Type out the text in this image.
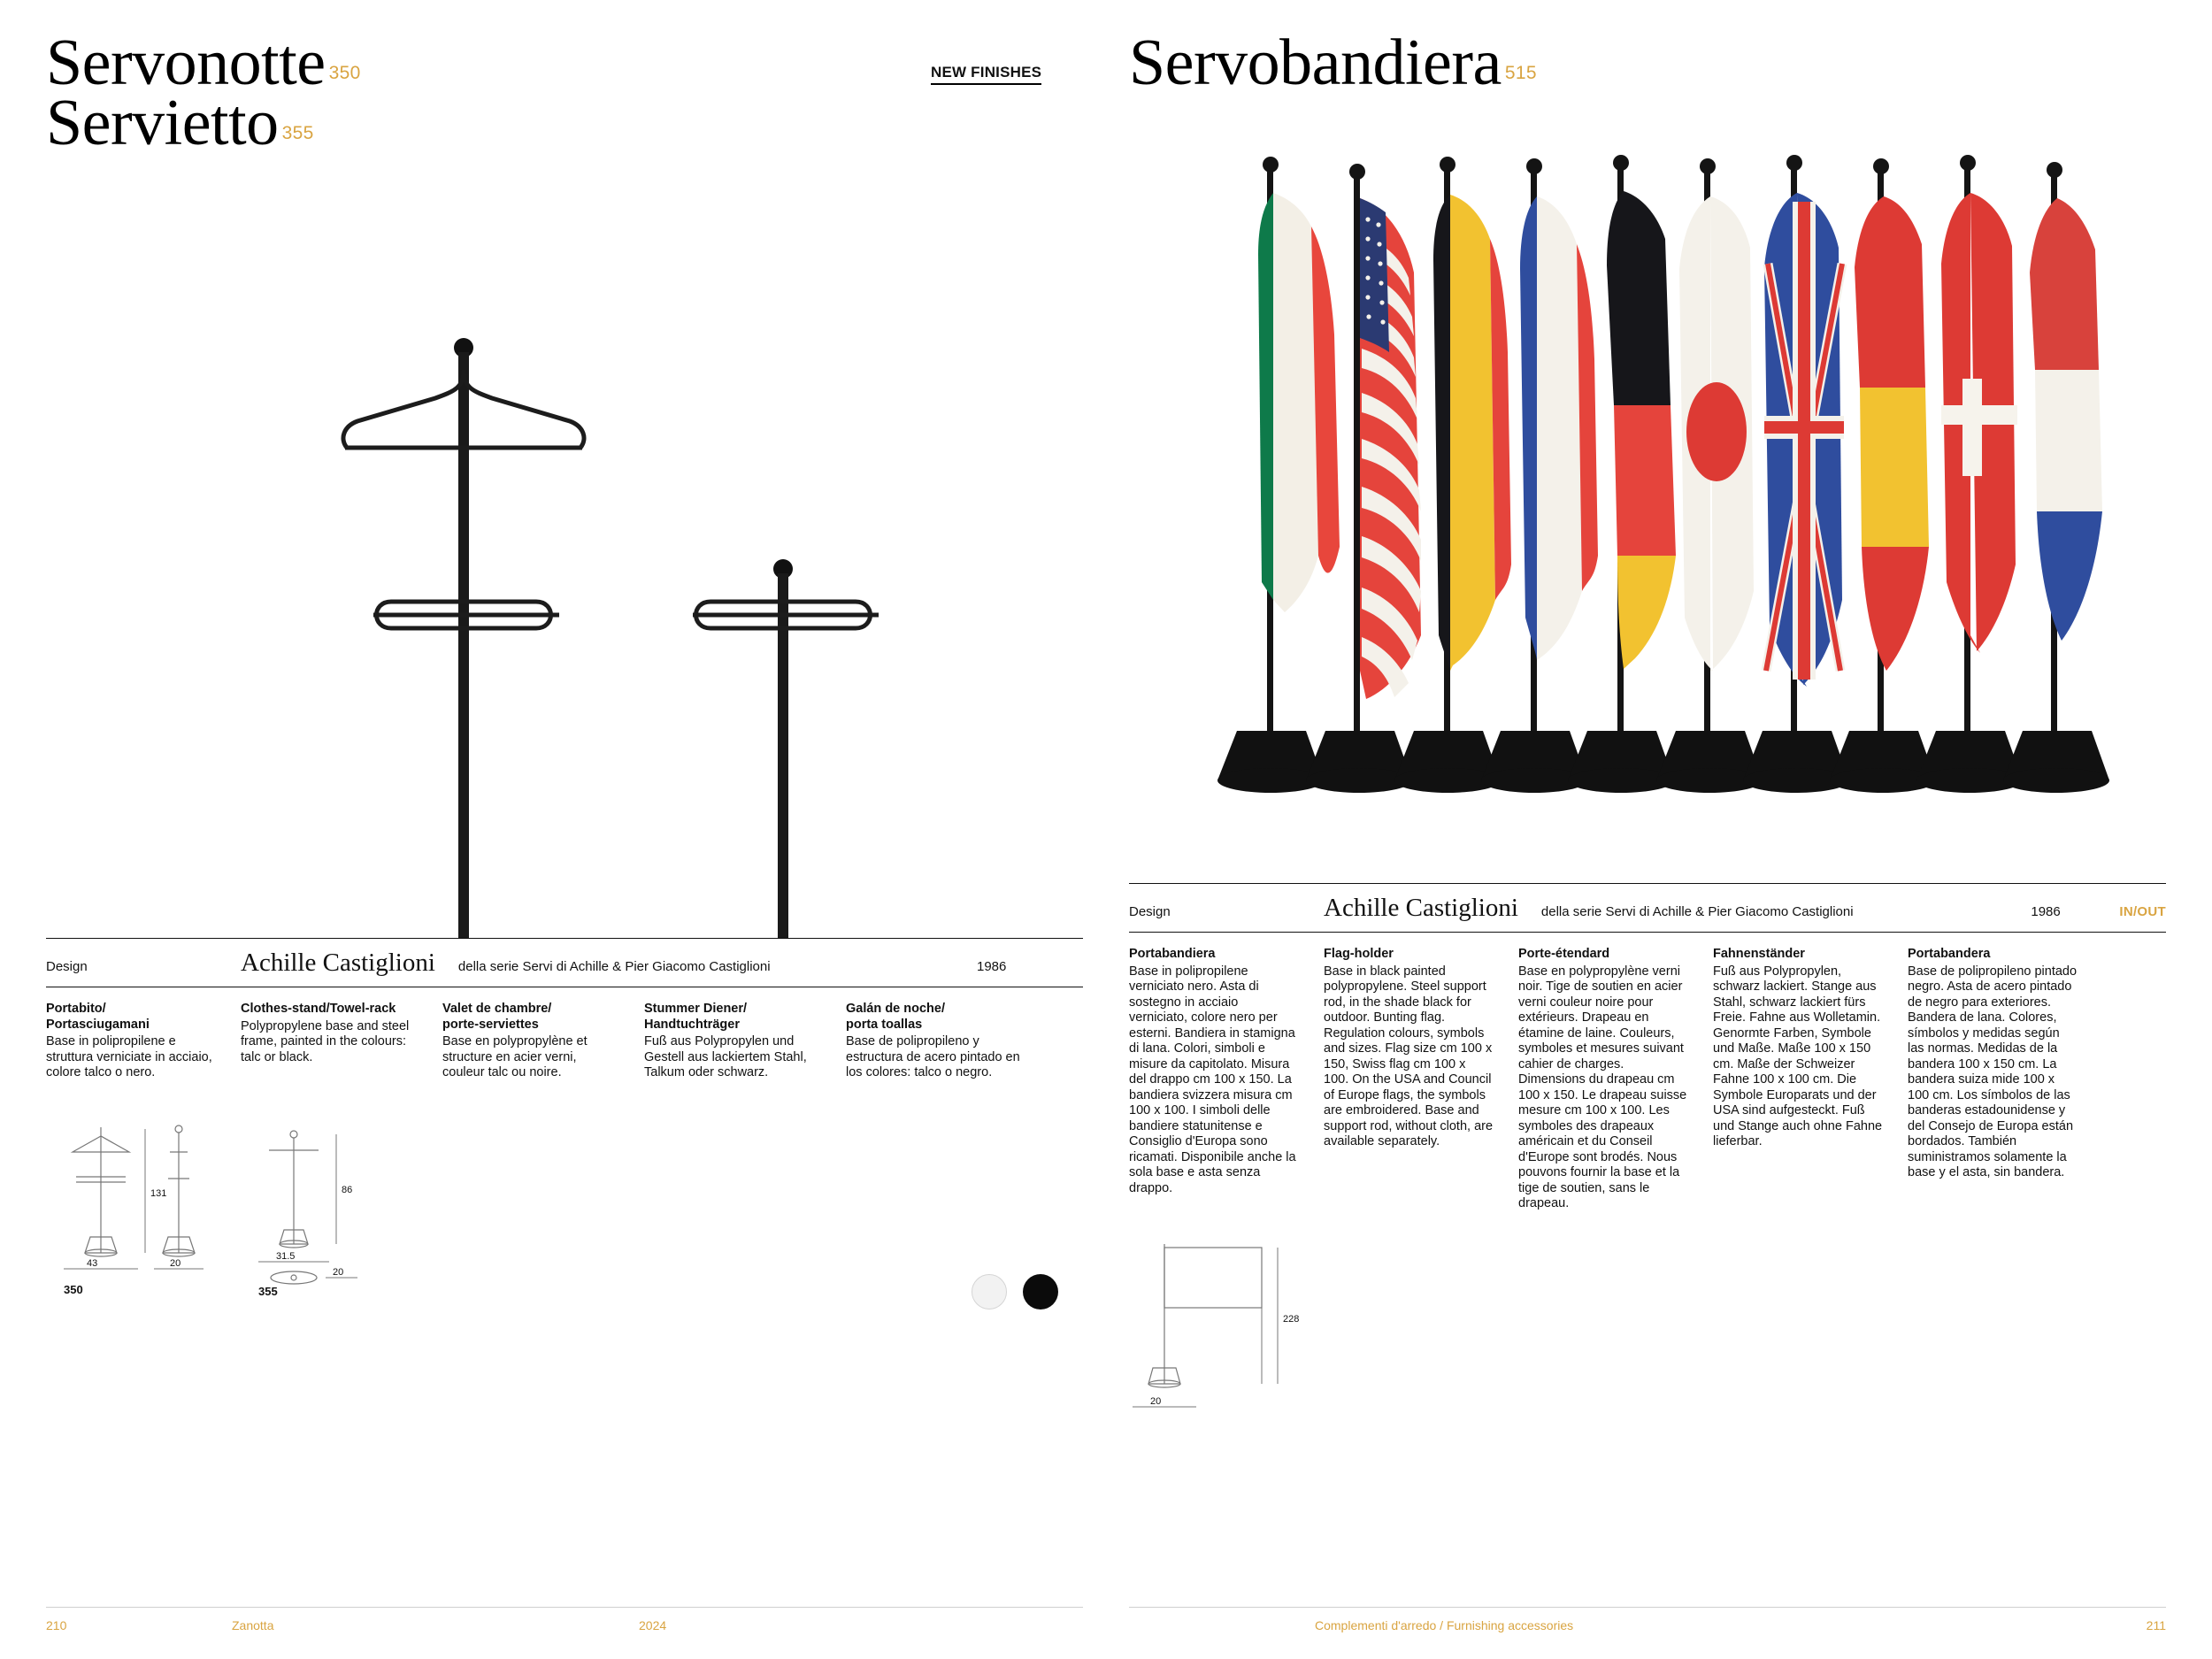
Servonotte 350
Servietto 355
NEW FINISHES
Design	Achille Castiglioni della serie Servi di Achille & Pier Giacomo Castiglioni	1986
Portabito/
Portasciugamani

Base in polipropilene e struttura verniciate in acciaio, colore talco o nero.

Clothes-stand/Towel-rack

Polypropylene base and steel frame, painted in the colours: talc or black.

Valet de chambre/
porte-serviettes

Base en polypropylène et structure en acier verni, couleur talc ou noire.

Stummer Diener/
Handtuchträger

Fuß aus Polypropylen und Gestell aus lackiertem Stahl, Talkum oder schwarz.

Galán de noche/
porta toallas

Base de polipropileno y estructura de acero pintado en los colores: talco o negro.

131
43	20
350
86
31.5
20
355
210	Zanotta	2024
Servobandiera 515
Design	Achille Castiglioni della serie Servi di Achille & Pier Giacomo Castiglioni	1986	IN/OUT
Portabandiera

Base in polipropilene verniciato nero. Asta di sostegno in acciaio verniciato, colore nero per esterni. Bandiera in stamigna di lana. Colori, simboli e misure da capitolato. Misura del drappo cm 100 x 150. La bandiera svizzera misura cm 100 x 100. I simboli delle bandiere statunitense e Consiglio d'Europa sono ricamati. Disponibile anche la sola base e asta senza drappo.

Flag-holder

Base in black painted polypropylene. Steel support rod, in the shade black for outdoor. Bunting flag. Regulation colours, symbols and sizes. Flag size cm 100 x 150, Swiss flag cm 100 x 100. On the USA and Council of Europe flags, the symbols are embroidered. Base and support rod, without cloth, are available separately.

Porte-étendard

Base en polypropylène verni noir. Tige de soutien en acier verni couleur noire pour extérieurs. Drapeau en étamine de laine. Couleurs, symboles et mesures suivant cahier de charges. Dimensions du drapeau cm 100 x 150. Le drapeau suisse mesure cm 100 x 100. Les symboles des drapeaux américain et du Conseil d'Europe sont brodés. Nous pouvons fournir la base et la tige de soutien, sans le drapeau.

Fahnenständer

Fuß aus Polypropylen, schwarz lackiert. Stange aus Stahl, schwarz lackiert fürs Freie. Fahne aus Wolletamin. Genormte Farben, Symbole und Maße. Maße 100 x 150 cm. Maße der Schweizer Fahne 100 x 100 cm. Die Symbole Europarats und der USA sind aufgesteckt. Fuß und Stange auch ohne Fahne lieferbar.

Portabandera

Base de polipropileno pintado negro. Asta de acero pintado de negro para exteriores. Bandera de lana. Colores, símbolos y medidas según las normas. Medidas de la bandera 100 x 150 cm. La bandera suiza mide 100 x 100 cm. Los símbolos de las banderas estadounidense y del Consejo de Europa están bordados. También suministramos solamente la base y el asta, sin bandera.

228
20
Complementi d'arredo / Furnishing accessories	211
